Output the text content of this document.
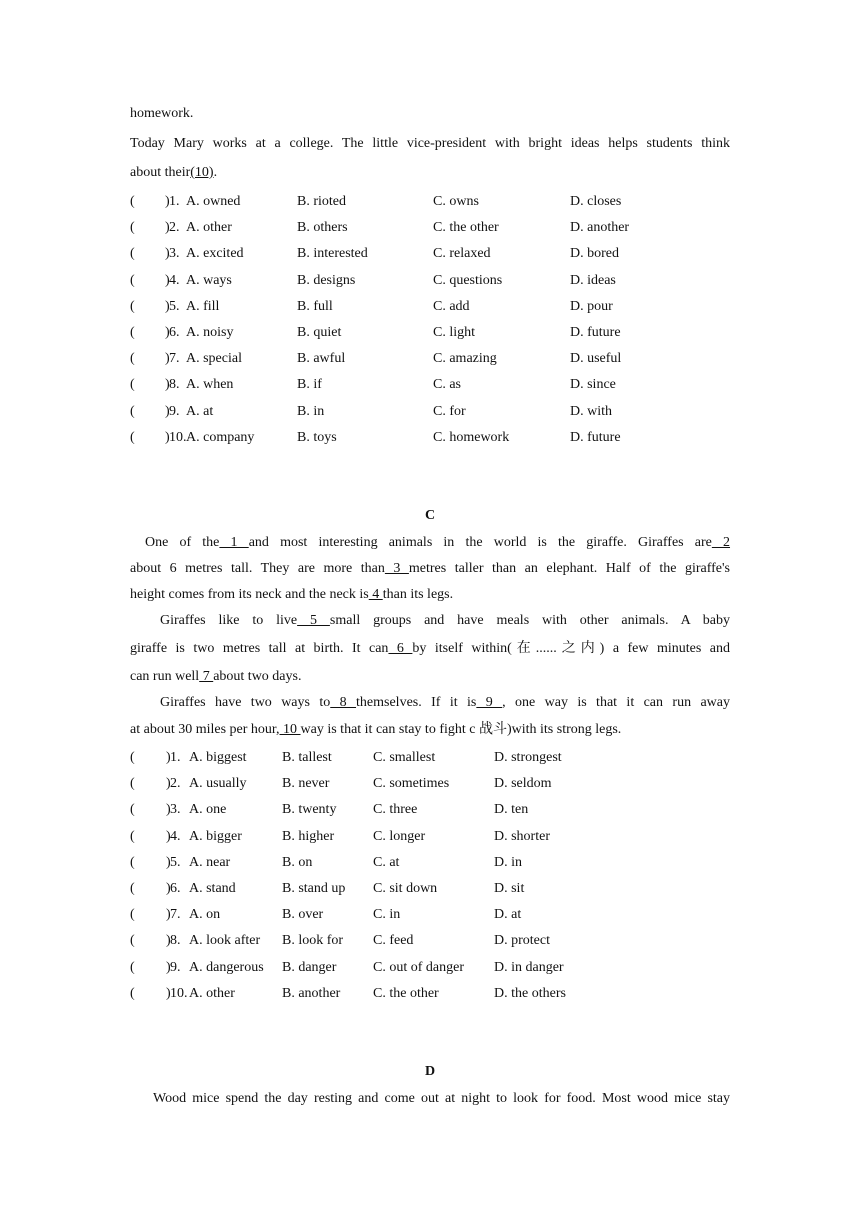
homework.
Today Mary works at a college. The little vice-president with bright ideas helps students think
about their(10).
( ) 1. A. owned	B. rioted	C. owns	D. closes
( ) 2. A. other	B. others	C. the other	D. another
( ) 3. A. excited	B. interested	C. relaxed	D. bored
( ) 4. A. ways	B. designs	C. questions	D. ideas
( ) 5. A. fill	B. full	C. add	D. pour
( ) 6. A. noisy	B. quiet	C. light	D. future
( ) 7. A. special	B. awful	C. amazing	D. useful
( ) 8. A. when	B. if	C. as	D. since
( ) 9. A. at	B. in	C. for	D. with
( ) 10. A. company	B. toys	C. homework	D. future
C
One of the 1 and most interesting animals in the world is the giraffe. Giraffes are 2
about 6 metres tall. They are more than 3 metres taller than an elephant. Half of the giraffe's
height comes from its neck and the neck is 4 than its legs.
Giraffes like to live 5 small groups and have meals with other animals. A baby
giraffe is two metres tall at birth. It can 6 by itself within(在......之内) a few minutes and
can run well 7 about two days.
Giraffes have two ways to 8 themselves. If it is 9 , one way is that it can run away
at about 30 miles per hour, 10 way is that it can stay to fight c 战斗)with its strong legs.
( ) 1. A. biggest	B. tallest	C. smallest	D. strongest
( ) 2. A. usually	B. never	C. sometimes	D. seldom
( ) 3. A. one	B. twenty	C. three	D. ten
( ) 4. A. bigger	B. higher	C. longer	D. shorter
( ) 5. A. near	B. on	C. at	D. in
( ) 6. A. stand	B. stand up C. sit down	D. sit
( ) 7. A. on	B. over	C. in	D. at
( ) 8. A. look after B. look for C. feed	D. protect
( ) 9. A. dangerous B. danger	C. out of danger D. in danger
( ) 10. A. other	B. another C. the other	D. the others
D
Wood mice spend the day resting and come out at night to look for food. Most wood mice stay
